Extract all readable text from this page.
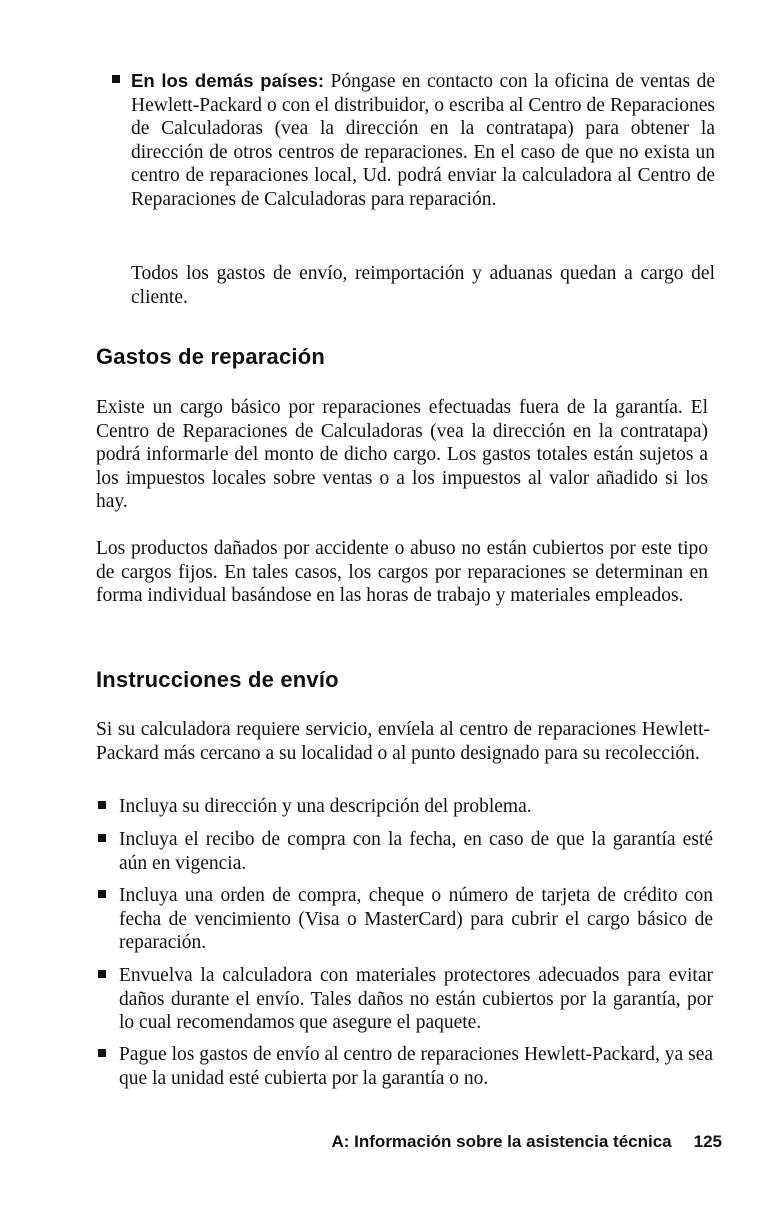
En los demás países: Póngase en contacto con la oficina de ventas de Hewlett-Packard o con el distribuidor, o escriba al Centro de Reparaciones de Calculadoras (vea la dirección en la contratapa) para obtener la dirección de otros centros de reparaciones. En el caso de que no exista un centro de reparaciones local, Ud. podrá enviar la calculadora al Centro de Reparaciones de Calculadoras para reparación.

Todos los gastos de envío, reimportación y aduanas quedan a cargo del cliente.

Gastos de reparación

Existe un cargo básico por reparaciones efectuadas fuera de la garantía. El Centro de Reparaciones de Calculadoras (vea la dirección en la contratapa) podrá informarle del monto de dicho cargo. Los gastos totales están sujetos a los impuestos locales sobre ventas o a los impuestos al valor añadido si los hay.

Los productos dañados por accidente o abuso no están cubiertos por este tipo de cargos fijos. En tales casos, los cargos por reparaciones se determinan en forma individual basándose en las horas de trabajo y materiales empleados.

Instrucciones de envío

Si su calculadora requiere servicio, envíela al centro de reparaciones Hewlett-Packard más cercano a su localidad o al punto designado para su recolección.

Incluya su dirección y una descripción del problema.

Incluya el recibo de compra con la fecha, en caso de que la garantía esté aún en vigencia.

Incluya una orden de compra, cheque o número de tarjeta de crédito con fecha de vencimiento (Visa o MasterCard) para cubrir el cargo básico de reparación.

Envuelva la calculadora con materiales protectores adecuados para evitar daños durante el envío. Tales daños no están cubiertos por la garantía, por lo cual recomendamos que asegure el paquete.

Pague los gastos de envío al centro de reparaciones Hewlett-Packard, ya sea que la unidad esté cubierta por la garantía o no.

A: Información sobre la asistencia técnica 125
